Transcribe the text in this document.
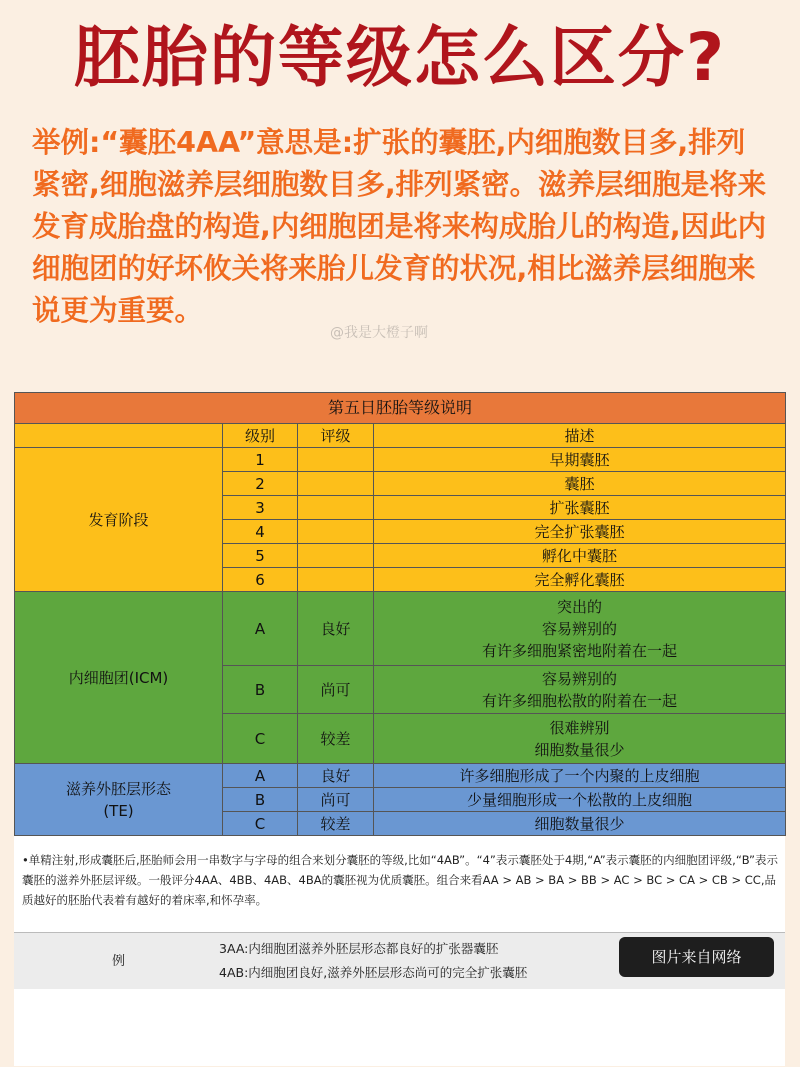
胚胎的等级怎么区分?
举例:“囊胚4AA”意思是:扩张的囊胚,内细胞数目多,排列紧密,细胞滋养层细胞数目多,排列紧密。滋养层细胞是将来发育成胎盘的构造,内细胞团是将来构成胎儿的构造,因此内细胞团的好坏攸关将来胎儿发育的状况,相比滋养层细胞来说更为重要。
@我是大橙子啊
第五日胚胎等级说明			
	级别	评级	描述
发育阶段	1		早期囊胚
	2		囊胚
	3		扩张囊胚
	4		完全扩张囊胚
	5		孵化中囊胚
	6		完全孵化囊胚
内细胞团(ICM)	A	良好	突出的
容易辨别的
有许多细胞紧密地附着在一起

	B	尚可	容易辨别的
有许多细胞松散的附着在一起

	C	较差	很难辨别
细胞数量很少

滋养外胚层形态
(TE)	A	良好	许多细胞形成了一个内聚的上皮细胞
	B	尚可	少量细胞形成一个松散的上皮细胞
	C	较差	细胞数量很少
•单精注射,形成囊胚后,胚胎师会用一串数字与字母的组合来划分囊胚的等级,比如“4AB”。“4”表示囊胚处于4期,“A”表示囊胚的内细胞团评级,“B”表示囊胚的滋养外胚层评级。一般评分4AA、4BB、4AB、4BA的囊胚视为优质囊胚。组合来看AA > AB > BA > BB > AC > BC > CA > CB > CC,品质越好的胚胎代表着有越好的着床率,和怀孕率。
例
3AA:内细胞团滋养外胚层形态都良好的扩张器囊胚
4AB:内细胞团良好,滋养外胚层形态尚可的完全扩张囊胚
图片来自网络
